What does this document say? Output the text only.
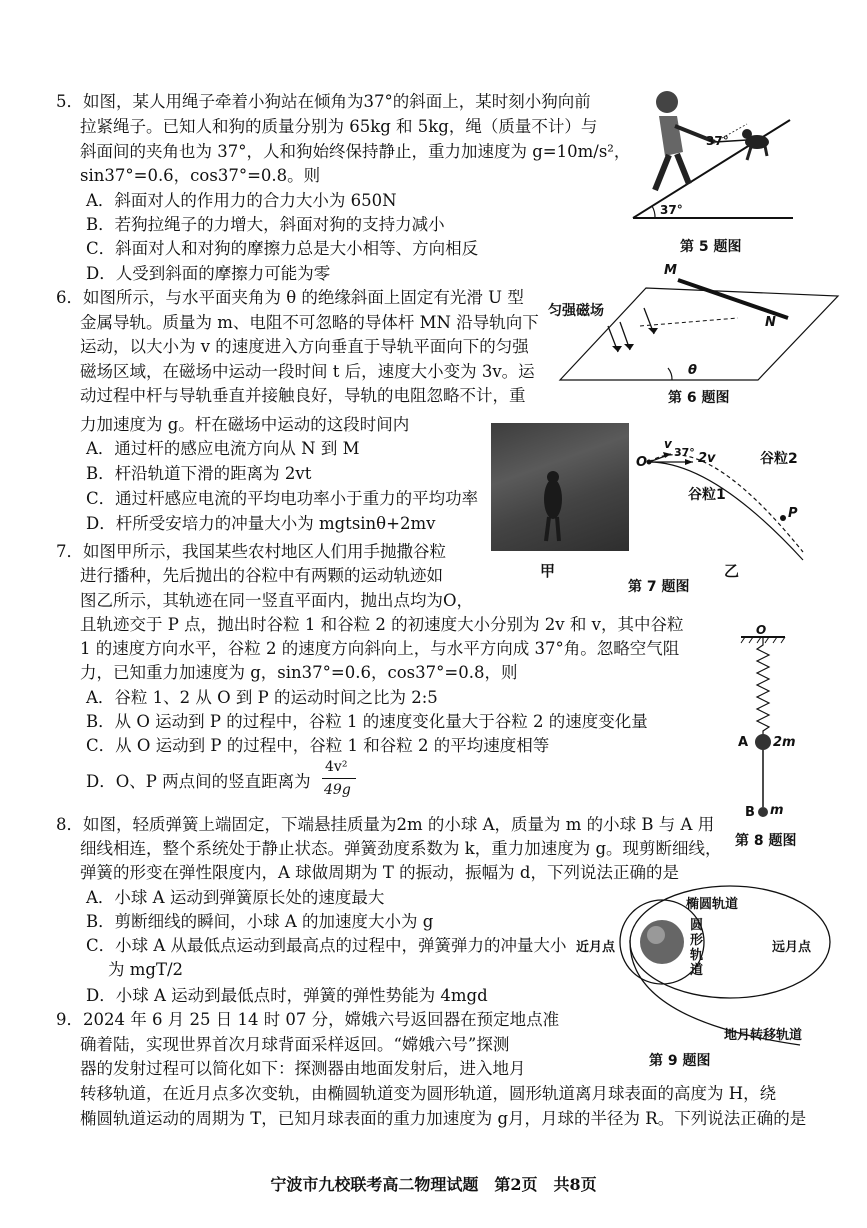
5．如图，某人用绳子牵着小狗站在倾角为37°的斜面上，某时刻小狗向前
拉紧绳子。已知人和狗的质量分别为 65kg 和 5kg，绳（质量不计）与
斜面间的夹角也为 37°，人和狗始终保持静止，重力加速度为 g=10m/s²，
sin37°=0.6，cos37°=0.8。则
A．斜面对人的作用力的合力大小为 650N
B．若狗拉绳子的力增大，斜面对狗的支持力减小
C．斜面对人和对狗的摩擦力总是大小相等、方向相反
D．人受到斜面的摩擦力可能为零
37°
37°
第 5 题图
6．如图所示，与水平面夹角为 θ 的绝缘斜面上固定有光滑 U 型
金属导轨。质量为 m、电阻不可忽略的导体杆 MN 沿导轨向下
运动，以大小为 v 的速度进入方向垂直于导轨平面向下的匀强
磁场区域，在磁场中运动一段时间 t 后，速度大小变为 3v。运
动过程中杆与导轨垂直并接触良好，导轨的电阻忽略不计，重
力加速度为 g。杆在磁场中运动的这段时间内
A．通过杆的感应电流方向从 N 到 M
B．杆沿轨道下滑的距离为 2vt
C．通过杆感应电流的平均电功率小于重力的平均功率
D．杆所受安培力的冲量大小为 mgtsinθ+2mv
M
N
匀强磁场
θ
第 6 题图
甲
O
v
37° 2v	谷粒2
谷粒1
P
乙
第 7 题图
7．如图甲所示，我国某些农村地区人们用手抛撒谷粒
进行播种，先后抛出的谷粒中有两颗的运动轨迹如
图乙所示，其轨迹在同一竖直平面内，抛出点均为O，
且轨迹交于 P 点，抛出时谷粒 1 和谷粒 2 的初速度大小分别为 2v 和 v，其中谷粒
1 的速度方向水平，谷粒 2 的速度方向斜向上，与水平方向成 37°角。忽略空气阻
力，已知重力加速度为 g，sin37°=0.6，cos37°=0.8，则
A．谷粒 1、2 从 O 到 P 的运动时间之比为 2:5
B．从 O 运动到 P 的过程中，谷粒 1 的速度变化量大于谷粒 2 的速度变化量
C．从 O 运动到 P 的过程中，谷粒 1 和谷粒 2 的平均速度相等
D．O、P 两点间的竖直距离为
4v²
49g
O
A 2m
B m
第 8 题图
8．如图，轻质弹簧上端固定，下端悬挂质量为2m 的小球 A，质量为 m 的小球 B 与 A 用
细线相连，整个系统处于静止状态。弹簧劲度系数为 k，重力加速度为 g。现剪断细线，
弹簧的形变在弹性限度内，A 球做周期为 T 的振动，振幅为 d，下列说法正确的是
A．小球 A 运动到弹簧原长处的速度最大
B．剪断细线的瞬间，小球 A 的加速度大小为 g
C．小球 A 从最低点运动到最高点的过程中，弹簧弹力的冲量大小
为 mgT/2
D．小球 A 运动到最低点时，弹簧的弹性势能为 4mgd
椭圆轨道
圆形轨道
近月点	远月点
地月转移轨道
第 9 题图
9．2024 年 6 月 25 日 14 时 07 分，嫦娥六号返回器在预定地点准
确着陆，实现世界首次月球背面采样返回。“嫦娥六号”探测
器的发射过程可以简化如下：探测器由地面发射后，进入地月
转移轨道，在近月点多次变轨，由椭圆轨道变为圆形轨道，圆形轨道离月球表面的高度为 H，绕
椭圆轨道运动的周期为 T，已知月球表面的重力加速度为 g月，月球的半径为 R。下列说法正确的是
宁波市九校联考高二物理试题　第2页　共8页
